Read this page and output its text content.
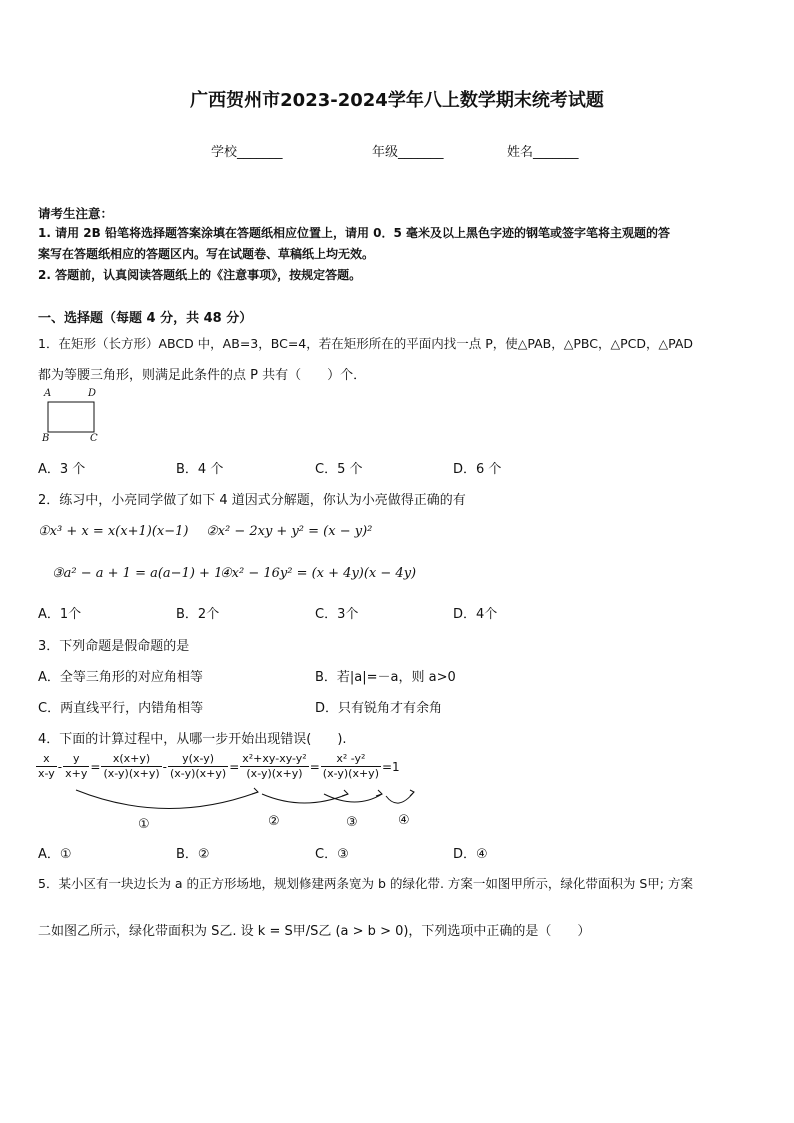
广西贺州市2023-2024学年八上数学期末统考试题
学校_______	年级_______	姓名_______
请考生注意：
1. 请用 2B 铅笔将选择题答案涂填在答题纸相应位置上，请用 0．5 毫米及以上黑色字迹的钢笔或签字笔将主观题的答
案写在答题纸相应的答题区内。写在试题卷、草稿纸上均无效。
2. 答题前，认真阅读答题纸上的《注意事项》，按规定答题。
一、选择题（每题 4 分，共 48 分）
1．在矩形（长方形）ABCD 中，AB=3，BC=4，若在矩形所在的平面内找一点 P，使△PAB，△PBC，△PCD，△PAD
都为等腰三角形，则满足此条件的点 P 共有（　　）个．
A	D
B	C
A．3 个	B．4 个	C．5 个	D．6 个
2．练习中，小亮同学做了如下 4 道因式分解题，你认为小亮做得正确的有
①x³ + x = x(x+1)(x−1) ②x² − 2xy + y² = (x − y)²
③a² − a + 1 = a(a−1) + 1
④x² − 16y² = (x + 4y)(x − 4y)
A．1个	B．2个	C．3个	D．4个
3．下列命题是假命题的是
A．全等三角形的对应角相等	B．若|a|=－a，则 a>0
C．两直线平行，内错角相等	D．只有锐角才有余角
4．下面的计算过程中，从哪一步开始出现错误(　　).
$\frac{x}{x-y} - \frac{y}{x+y} = \frac{x(x+y)}{(x-y)(x+y)} - \frac{y(x-y)}{(x-y)(x+y)} = \frac{\text{x²+xy-xy-y²}}{(x-y)(x+y)} = \frac{\text{x² -y²}}{(x-y)(x+y)} =1$
①	②	③	④
A．①	B．②	C．③	D．④
5．某小区有一块边长为 a 的正方形场地，规划修建两条宽为 b 的绿化带. 方案一如图甲所示，绿化带面积为 S甲; 方案
二如图乙所示，绿化带面积为 S乙. 设 k = S甲/S乙 (a > b > 0)，下列选项中正确的是（　　）
